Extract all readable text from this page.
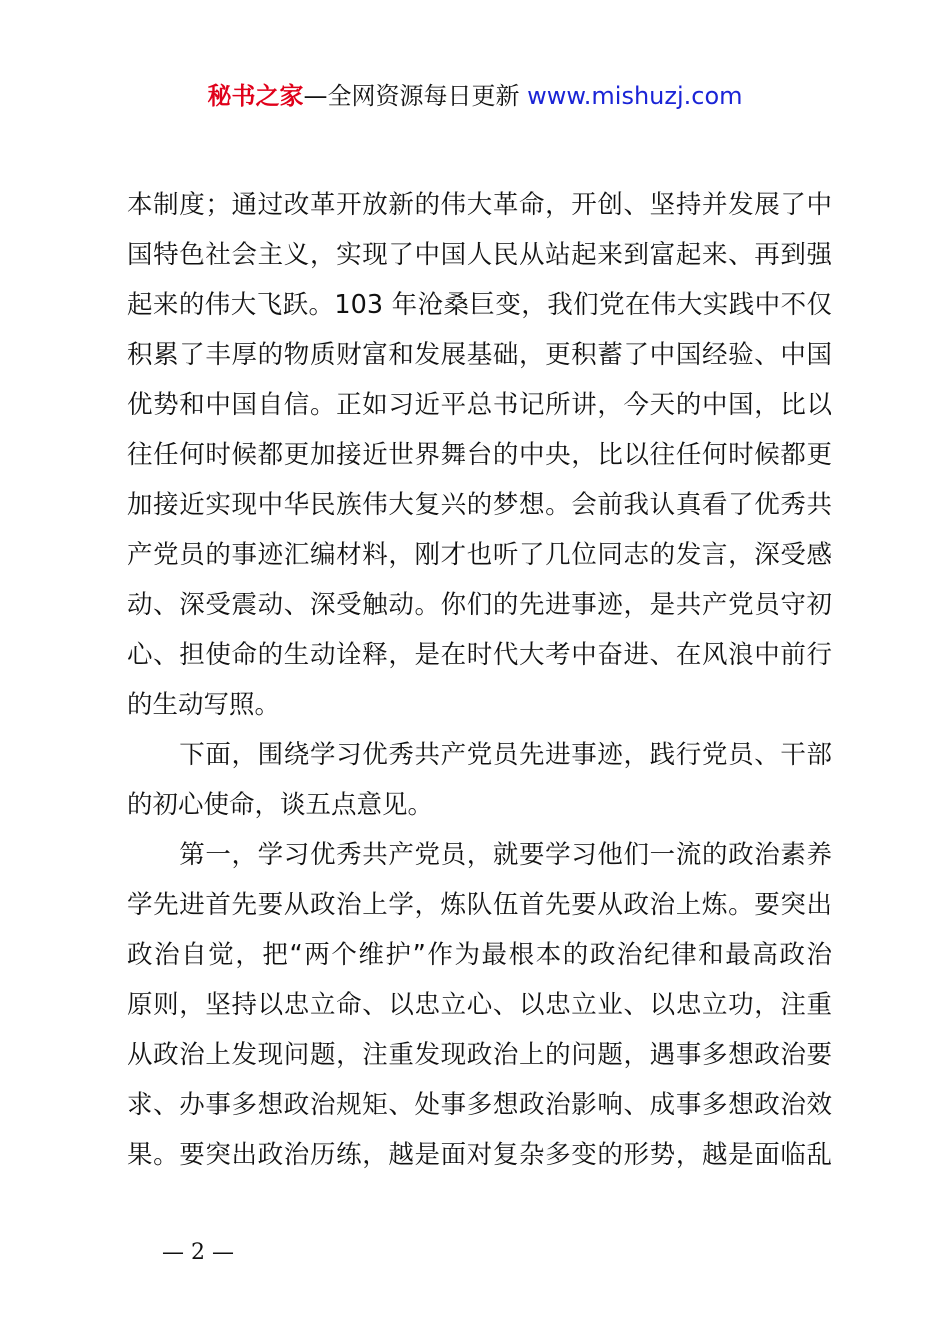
秘书之家—全网资源每日更新 www.mishuzj.com
本制度；通过改革开放新的伟大革命，开创、坚持并发展了中
国特色社会主义，实现了中国人民从站起来到富起来、再到强
起来的伟大飞跃。103 年沧桑巨变，我们党在伟大实践中不仅
积累了丰厚的物质财富和发展基础，更积蓄了中国经验、中国
优势和中国自信。正如习近平总书记所讲，今天的中国，比以
往任何时候都更加接近世界舞台的中央，比以往任何时候都更
加接近实现中华民族伟大复兴的梦想。会前我认真看了优秀共
产党员的事迹汇编材料，刚才也听了几位同志的发言，深受感
动、深受震动、深受触动。你们的先进事迹，是共产党员守初
心、担使命的生动诠释，是在时代大考中奋进、在风浪中前行
的生动写照。
　　下面，围绕学习优秀共产党员先进事迹，践行党员、干部
的初心使命，谈五点意见。
　　第一，学习优秀共产党员，就要学习他们一流的政治素养
学先进首先要从政治上学，炼队伍首先要从政治上炼。要突出
政治自觉，把“两个维护”作为最根本的政治纪律和最高政治
原则，坚持以忠立命、以忠立心、以忠立业、以忠立功，注重
从政治上发现问题，注重发现政治上的问题，遇事多想政治要
求、办事多想政治规矩、处事多想政治影响、成事多想政治效
果。要突出政治历练，越是面对复杂多变的形势，越是面临乱
— 2 —
